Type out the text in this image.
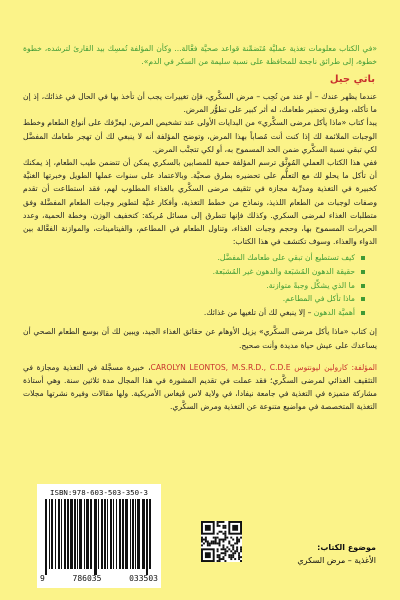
«في الكتاب معلومات تغذية عمليَّة مُتَضمِّنة قواعد صحيَّة فعَّالة... وكأن المؤلفة تُمسِك بيد القارئ لترشده، خطوة خطوة، إلى طرائق ناجحة للمحافظة على نسبة سليمة من السكر في الدم».

باتي جيل

عندما يظهر عندك – أو عند من تُحِب – مرض السكَّري، فإن تغييرات يجب أن تأخذ بها في الحال في غذائك، إذ إن ما تأكله، وطرق تحضير طعامك، له أثر كبير على تطوُّر المرض.

يبدأ كتاب «ماذا يأكل مرضى السكَّري» من البدايات الأولى عند تشخيص المرض، ليعرِّفك على أنواع الطعام وخطط الوجبات الملائمة لك إذا كنت أنت مُصاباً بهذا المرض، وتوضح المؤلفة أنه لا ينبغي لك أن تهجر طعامك المفضَّل لكي تبقي نسبة السكَّري ضمن الحد المسموح به، أو لكي تتجنَّب المرض.

ففي هذا الكتاب العملي المُوثَّق ترسم المؤلفة حمية للمصابين بالسكري يمكن أن تتضمن طيب الطعام، إذ يمكنك أن تأكل ما يحلو لك مع التعلُّم على تحضيره بطرق صحيَّة. وبالاعتماد على سنوات عملها الطويل وخبرتها الغنيَّة كخبيرة في التغذية ومدرِّبة مجازة في تثقيف مرضى السكَّري بالغذاء المطلوب لهم، فقد استطاعت أن تقدم وصفات لوجبات من الطعام اللذيذ، ونماذج من خطط التغذية، وأفكار غنيَّة لتطوير وجبات الطعام المفضَّلة وفق متطلبات الغذاء لمرضى السكري. وكذلك فإنها تتطرق إلى مسائل مُربكة: كتخفيف الوزن، وخطة الحمية، وعدد الحريرات المسموح بها، وحجم وجبات الغذاء، وتناول الطعام في المطاعم، والفيتامينات، والموازنة الفعَّالة بين الدواء والغذاء. وسوف تكتشف في هذا الكتاب:

كيف تستطيع أن تبقي على طعامك المفضَّل.
حقيقة الدهون المُشبَعة والدهون غير المُشبَعة.
ما الذي يشكِّل وجبةً متوازنة.
ماذا تأكل في المطاعم.
أهميَّة الدهون – إلا ينبغي لك أن تلغيها من غذائك.

إن كتاب «ماذا يأكل مرضى السكَّري» يزيل الأوهام عن حقائق الغذاء الجيد، ويبين لك أن بوسع الطعام الصحي أن يساعدك على عيش حياة مديدة وأنت صحيح.

المؤلفة: كارولين ليونتوس CAROLYN LEONTOS, M.S.R.D., C.D.E، خبيرة مسجَّلة في التغذية ومجازة في التثقيف الغذائي لمرضى السكَّري؛ فقد عملت في تقديم المشورة في هذا المجال مدة ثلاثين سنة. وهي أستاذة مشاركة متميزة في التغذية في جامعة نيفادا، في ولاية لاس ڤيغاس الأمريكية. ولها مقالات وفيرة نشرتها مجلات التغذية المتخصصة في مواضيع متنوعة عن التغذية ومرض السكَّري.

ISBN:978-603-503-350-3
9	786035	033503
موضوع الكتاب:
الأغذية – مرض السكري
